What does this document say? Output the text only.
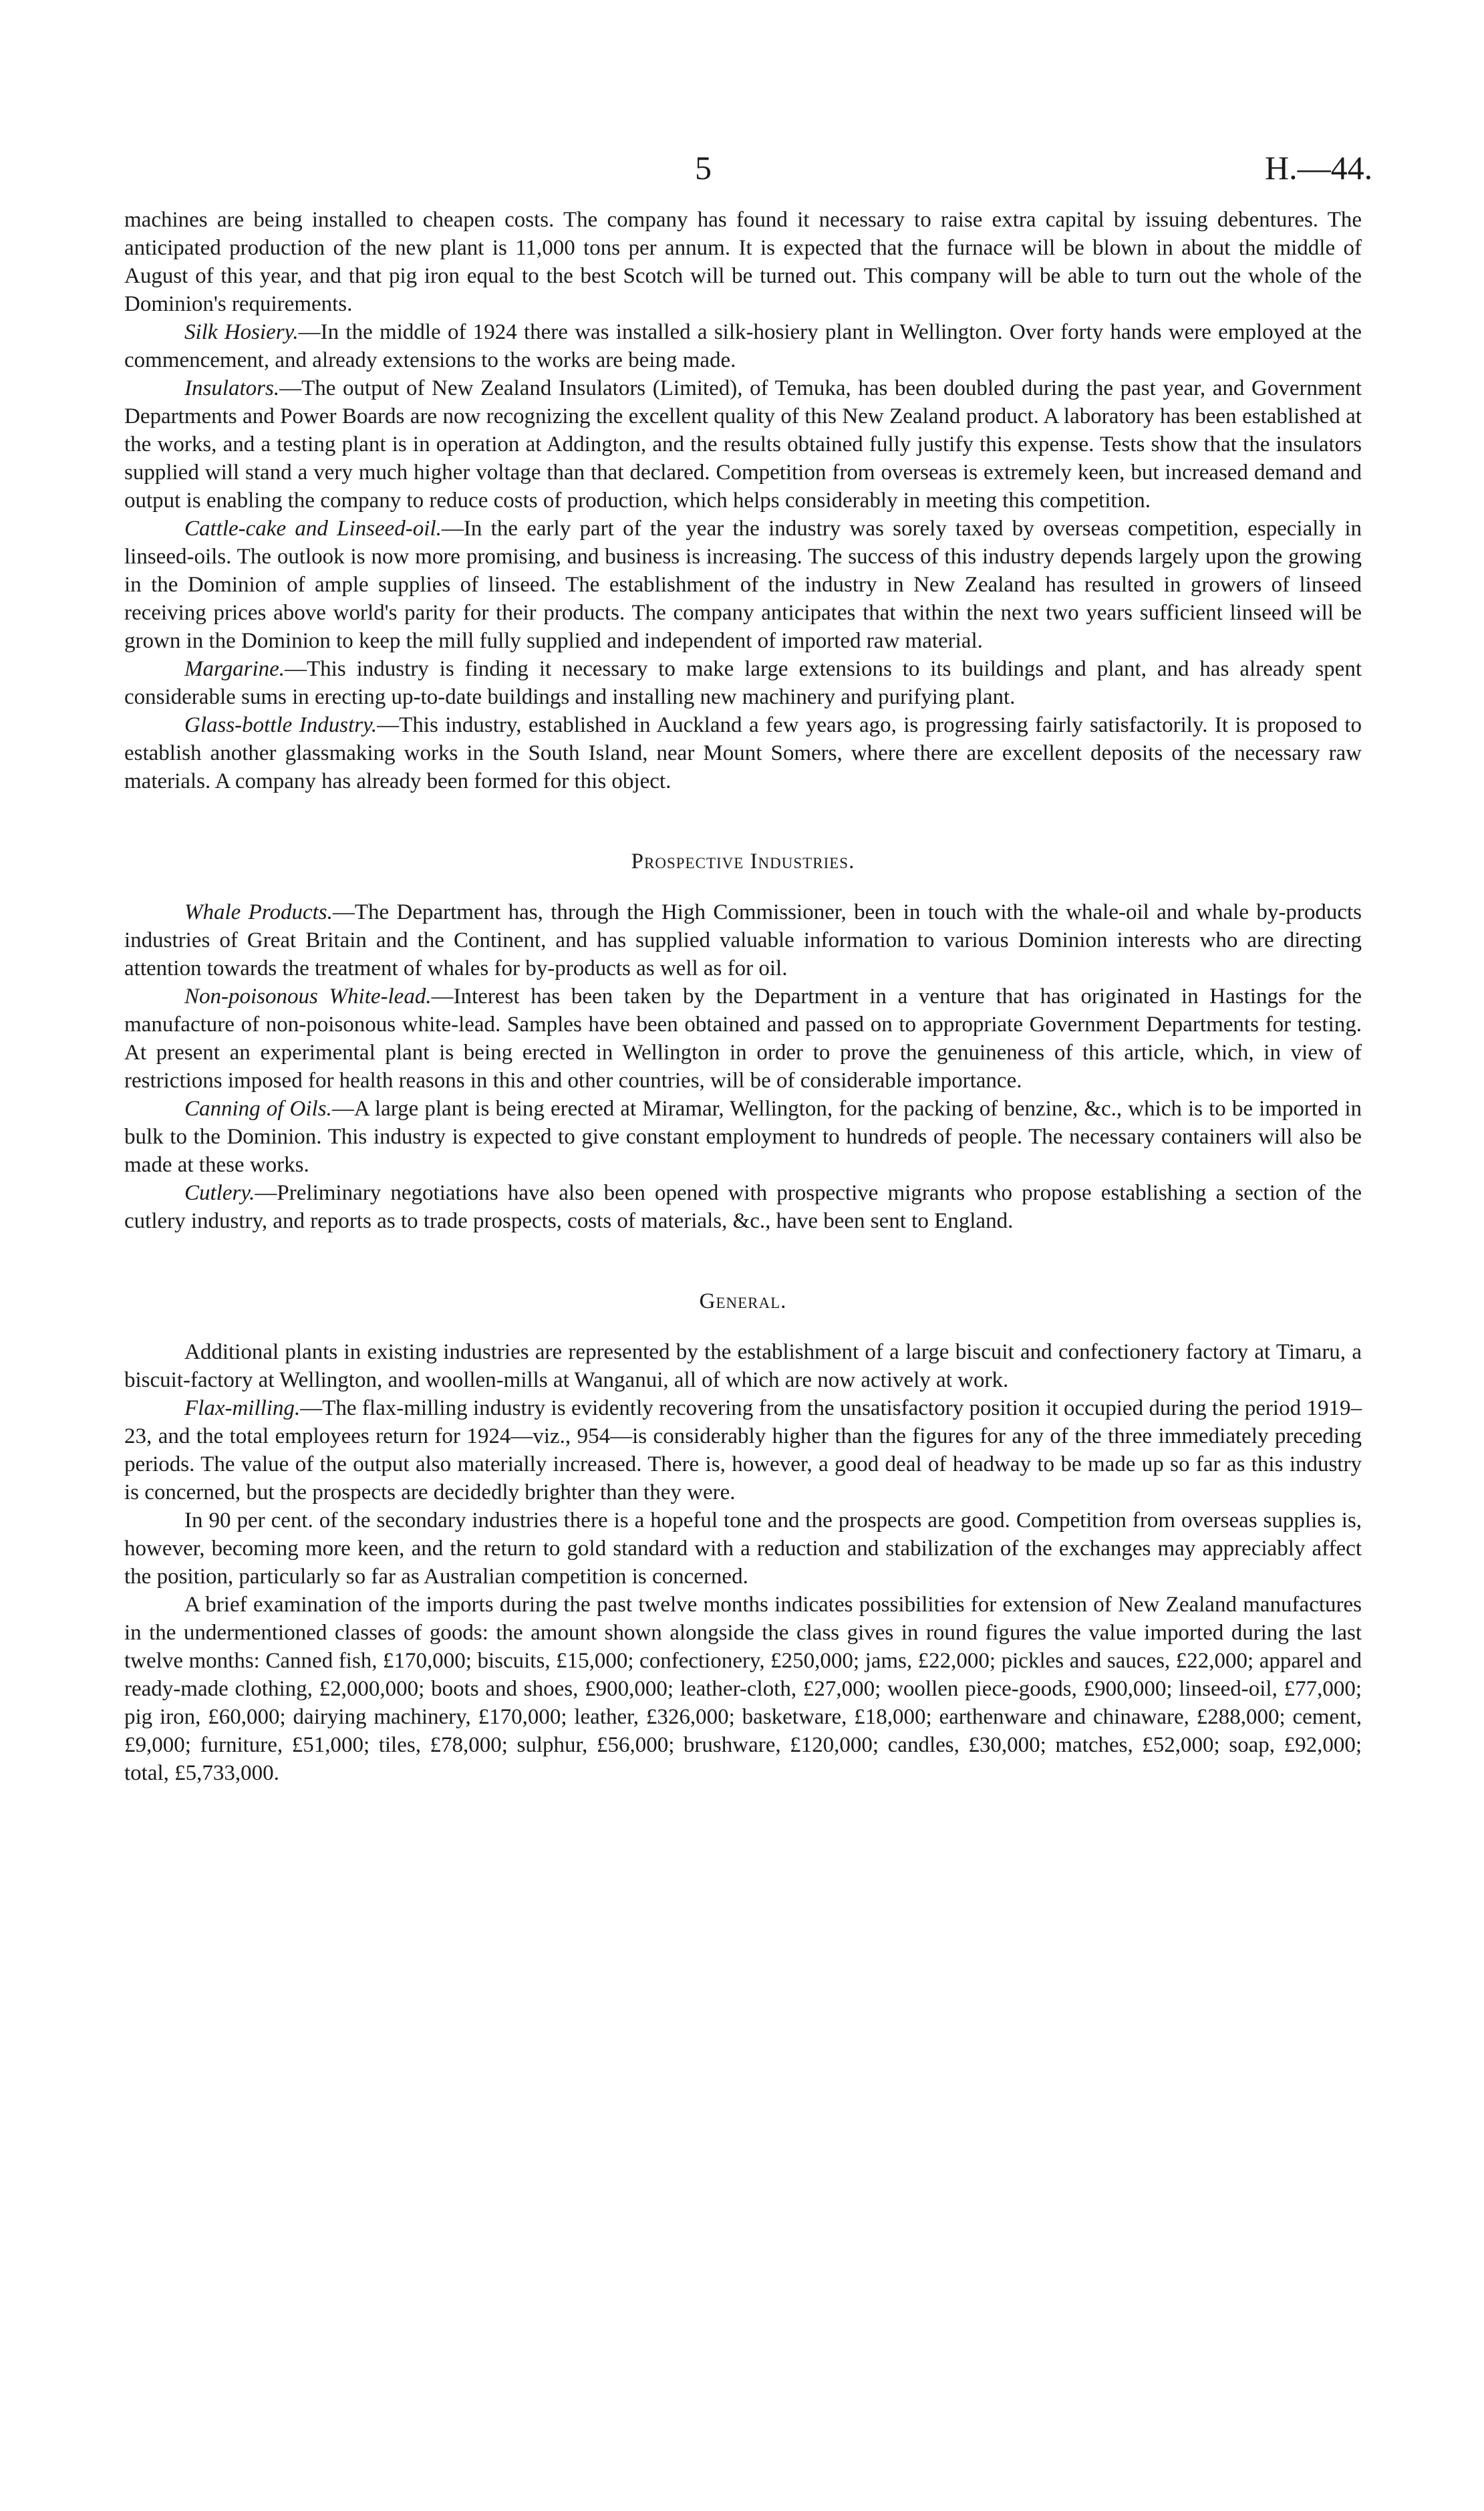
5	H.—44.

machines are being installed to cheapen costs. The company has found it necessary to raise extra capital by issuing debentures. The anticipated production of the new plant is 11,000 tons per annum. It is expected that the furnace will be blown in about the middle of August of this year, and that pig iron equal to the best Scotch will be turned out. This company will be able to turn out the whole of the Dominion's requirements.

Silk Hosiery.—In the middle of 1924 there was installed a silk-hosiery plant in Wellington. Over forty hands were employed at the commencement, and already extensions to the works are being made.

Insulators.—The output of New Zealand Insulators (Limited), of Temuka, has been doubled during the past year, and Government Departments and Power Boards are now recognizing the excellent quality of this New Zealand product. A laboratory has been established at the works, and a testing plant is in operation at Addington, and the results obtained fully justify this expense. Tests show that the insulators supplied will stand a very much higher voltage than that declared. Competition from overseas is extremely keen, but increased demand and output is enabling the company to reduce costs of production, which helps considerably in meeting this competition.

Cattle-cake and Linseed-oil.—In the early part of the year the industry was sorely taxed by overseas competition, especially in linseed-oils. The outlook is now more promising, and business is increasing. The success of this industry depends largely upon the growing in the Dominion of ample supplies of linseed. The establishment of the industry in New Zealand has resulted in growers of linseed receiving prices above world's parity for their products. The company anticipates that within the next two years sufficient linseed will be grown in the Dominion to keep the mill fully supplied and independent of imported raw material.

Margarine.—This industry is finding it necessary to make large extensions to its buildings and plant, and has already spent considerable sums in erecting up-to-date buildings and installing new machinery and purifying plant.

Glass-bottle Industry.—This industry, established in Auckland a few years ago, is progressing fairly satisfactorily. It is proposed to establish another glassmaking works in the South Island, near Mount Somers, where there are excellent deposits of the necessary raw materials. A company has already been formed for this object.

Prospective Industries.

Whale Products.—The Department has, through the High Commissioner, been in touch with the whale-oil and whale by-products industries of Great Britain and the Continent, and has supplied valuable information to various Dominion interests who are directing attention towards the treatment of whales for by-products as well as for oil.

Non-poisonous White-lead.—Interest has been taken by the Department in a venture that has originated in Hastings for the manufacture of non-poisonous white-lead. Samples have been obtained and passed on to appropriate Government Departments for testing. At present an experimental plant is being erected in Wellington in order to prove the genuineness of this article, which, in view of restrictions imposed for health reasons in this and other countries, will be of considerable importance.

Canning of Oils.—A large plant is being erected at Miramar, Wellington, for the packing of benzine, &c., which is to be imported in bulk to the Dominion. This industry is expected to give constant employment to hundreds of people. The necessary containers will also be made at these works.

Cutlery.—Preliminary negotiations have also been opened with prospective migrants who propose establishing a section of the cutlery industry, and reports as to trade prospects, costs of materials, &c., have been sent to England.

General.

Additional plants in existing industries are represented by the establishment of a large biscuit and confectionery factory at Timaru, a biscuit-factory at Wellington, and woollen-mills at Wanganui, all of which are now actively at work.

Flax-milling.—The flax-milling industry is evidently recovering from the unsatisfactory position it occupied during the period 1919–23, and the total employees return for 1924—viz., 954—is considerably higher than the figures for any of the three immediately preceding periods. The value of the output also materially increased. There is, however, a good deal of headway to be made up so far as this industry is concerned, but the prospects are decidedly brighter than they were.

In 90 per cent. of the secondary industries there is a hopeful tone and the prospects are good. Competition from overseas supplies is, however, becoming more keen, and the return to gold standard with a reduction and stabilization of the exchanges may appreciably affect the position, particularly so far as Australian competition is concerned.

A brief examination of the imports during the past twelve months indicates possibilities for extension of New Zealand manufactures in the undermentioned classes of goods: the amount shown alongside the class gives in round figures the value imported during the last twelve months: Canned fish, £170,000; biscuits, £15,000; confectionery, £250,000; jams, £22,000; pickles and sauces, £22,000; apparel and ready-made clothing, £2,000,000; boots and shoes, £900,000; leather-cloth, £27,000; woollen piece-goods, £900,000; linseed-oil, £77,000; pig iron, £60,000; dairying machinery, £170,000; leather, £326,000; basketware, £18,000; earthenware and chinaware, £288,000; cement, £9,000; furniture, £51,000; tiles, £78,000; sulphur, £56,000; brushware, £120,000; candles, £30,000; matches, £52,000; soap, £92,000; total, £5,733,000.
